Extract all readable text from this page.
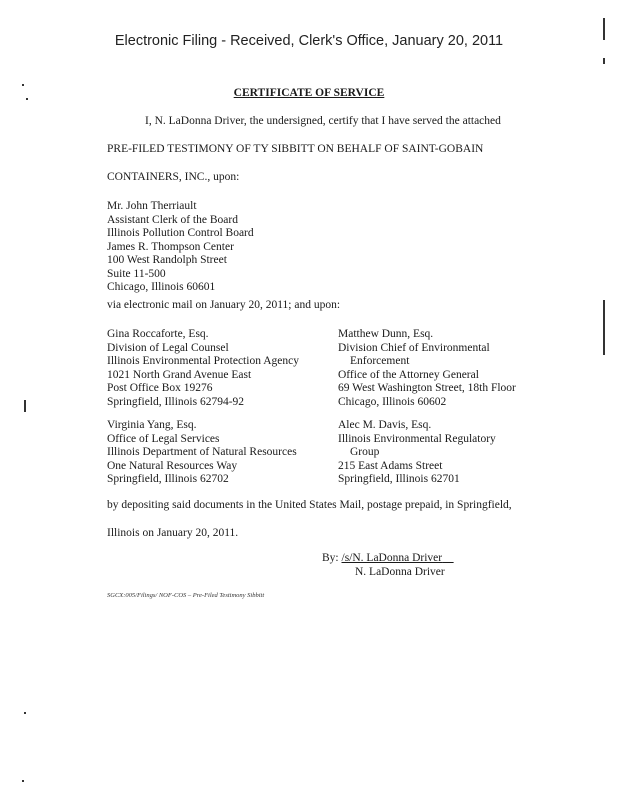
Electronic Filing - Received, Clerk's Office, January 20, 2011
CERTIFICATE OF SERVICE
I, N. LaDonna Driver, the undersigned, certify that I have served the attached
PRE-FILED TESTIMONY OF TY SIBBITT ON BEHALF OF SAINT-GOBAIN
CONTAINERS, INC., upon:
Mr. John Therriault
Assistant Clerk of the Board
Illinois Pollution Control Board
James R. Thompson Center
100 West Randolph Street
Suite 11-500
Chicago, Illinois 60601
via electronic mail on January 20, 2011; and upon:
Gina Roccaforte, Esq.
Division of Legal Counsel
Illinois Environmental Protection Agency
1021 North Grand Avenue East
Post Office Box 19276
Springfield, Illinois 62794-92
Matthew Dunn, Esq.
Division Chief of Environmental
Enforcement
Office of the Attorney General
69 West Washington Street, 18th Floor
Chicago, Illinois 60602
Virginia Yang, Esq.
Office of Legal Services
Illinois Department of Natural Resources
One Natural Resources Way
Springfield, Illinois 62702
Alec M. Davis, Esq.
Illinois Environmental Regulatory
Group
215 East Adams Street
Springfield, Illinois 62701
by depositing said documents in the United States Mail, postage prepaid, in Springfield,
Illinois on January 20, 2011.
By: /s/N. LaDonna Driver
N. LaDonna Driver
SGCX:005/Filings/ NOF-COS – Pre-Filed Testimony Sibbitt
